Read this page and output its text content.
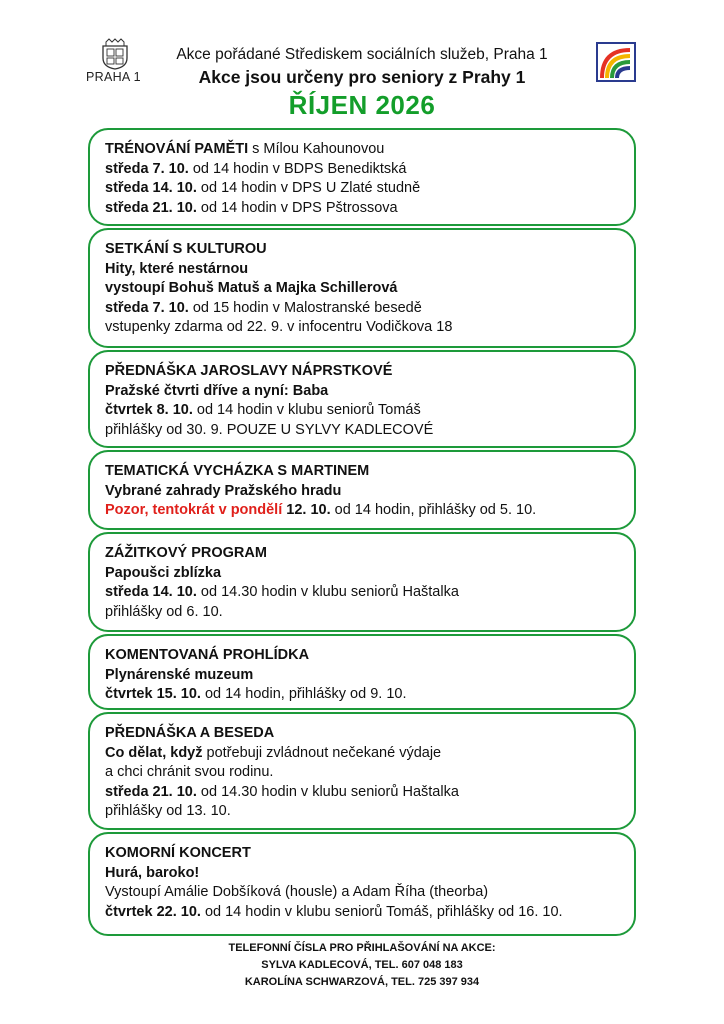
PRAHA 1
Akce pořádané Střediskem sociálních služeb, Praha 1
Akce jsou určeny pro seniory z Prahy 1
ŘÍJEN 2026
TRÉNOVÁNÍ PAMĚTI s Mílou Kahounovou
středa 7. 10. od 14 hodin v BDPS Benediktská
středa 14. 10. od 14 hodin v DPS U Zlaté studně
středa 21. 10. od 14 hodin v DPS Pštrossova
SETKÁNÍ S KULTUROU
Hity, které nestárnou
vystoupí Bohuš Matuš a Majka Schillerová
středa 7. 10. od 15 hodin v Malostranské besedě
vstupenky zdarma od 22. 9. v infocentru Vodičkova 18
PŘEDNÁŠKA JAROSLAVY NÁPRSTKOVÉ
Pražské čtvrti dříve a nyní: Baba
čtvrtek 8. 10. od 14 hodin v klubu seniorů Tomáš
přihlášky od 30. 9. POUZE U SYLVY KADLECOVÉ
TEMATICKÁ VYCHÁZKA S MARTINEM
Vybrané zahrady Pražského hradu
Pozor, tentokrát v pondělí 12. 10. od 14 hodin, přihlášky od 5. 10.
ZÁŽITKOVÝ PROGRAM
Papoušci zblízka
středa 14. 10. od 14.30 hodin v klubu seniorů Haštalka
přihlášky od 6. 10.
KOMENTOVANÁ PROHLÍDKA
Plynárenské muzeum
čtvrtek 15. 10. od 14 hodin, přihlášky od 9. 10.
PŘEDNÁŠKA A BESEDA
Co dělat, když potřebuji zvládnout nečekané výdaje
a chci chránit svou rodinu.
středa 21. 10. od 14.30 hodin v klubu seniorů Haštalka
přihlášky od 13. 10.
KOMORNÍ KONCERT
Hurá, baroko!
Vystoupí Amálie Dobšíková (housle) a Adam Říha (theorba)
čtvrtek 22. 10. od 14 hodin v klubu seniorů Tomáš, přihlášky od 16. 10.
TELEFONNÍ ČÍSLA PRO PŘIHLAŠOVÁNÍ NA AKCE:
SYLVA KADLECOVÁ, TEL. 607 048 183
KAROLÍNA SCHWARZOVÁ, TEL. 725 397 934
